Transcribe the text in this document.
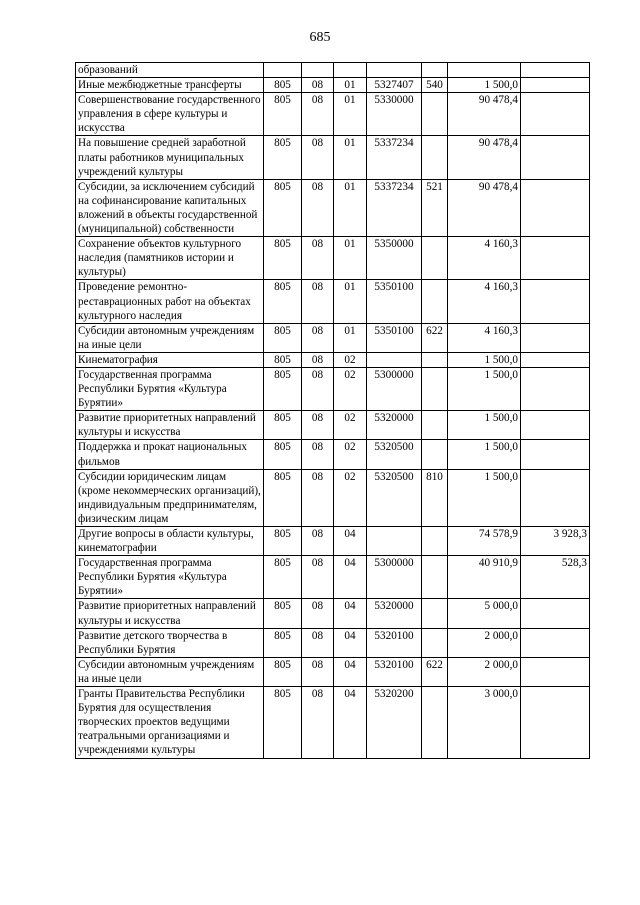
685
образований							
Иные межбюджетные трансферты	805	08	01	5327407	540	1 500,0	
Совершенствование государственного управления в сфере культуры и искусства	805	08	01	5330000		90 478,4	
На повышение средней заработной платы работников муниципальных учреждений культуры	805	08	01	5337234		90 478,4	
Субсидии, за исключением субсидий на софинансирование капитальных вложений в объекты государственной (муниципальной) собственности	805	08	01	5337234	521	90 478,4	
Сохранение объектов культурного наследия (памятников истории и культуры)	805	08	01	5350000		4 160,3	
Проведение ремонтно-реставрационных работ на объектах культурного наследия	805	08	01	5350100		4 160,3	
Субсидии автономным учреждениям на иные цели	805	08	01	5350100	622	4 160,3	
Кинематография	805	08	02			1 500,0	
Государственная программа Республики Бурятия «Культура Бурятии»	805	08	02	5300000		1 500,0	
Развитие приоритетных направлений культуры и искусства	805	08	02	5320000		1 500,0	
Поддержка и прокат национальных фильмов	805	08	02	5320500		1 500,0	
Субсидии юридическим лицам (кроме некоммерческих организаций), индивидуальным предпринимателям, физическим лицам	805	08	02	5320500	810	1 500,0	
Другие вопросы в области культуры, кинематографии	805	08	04			74 578,9	3 928,3
Государственная программа Республики Бурятия «Культура Бурятии»	805	08	04	5300000		40 910,9	528,3
Развитие приоритетных направлений культуры и искусства	805	08	04	5320000		5 000,0	
Развитие детского творчества в Республики Бурятия	805	08	04	5320100		2 000,0	
Субсидии автономным учреждениям на иные цели	805	08	04	5320100	622	2 000,0	
Гранты Правительства Республики Бурятия для осуществления творческих проектов ведущими театральными организациями и учреждениями культуры	805	08	04	5320200		3 000,0	
